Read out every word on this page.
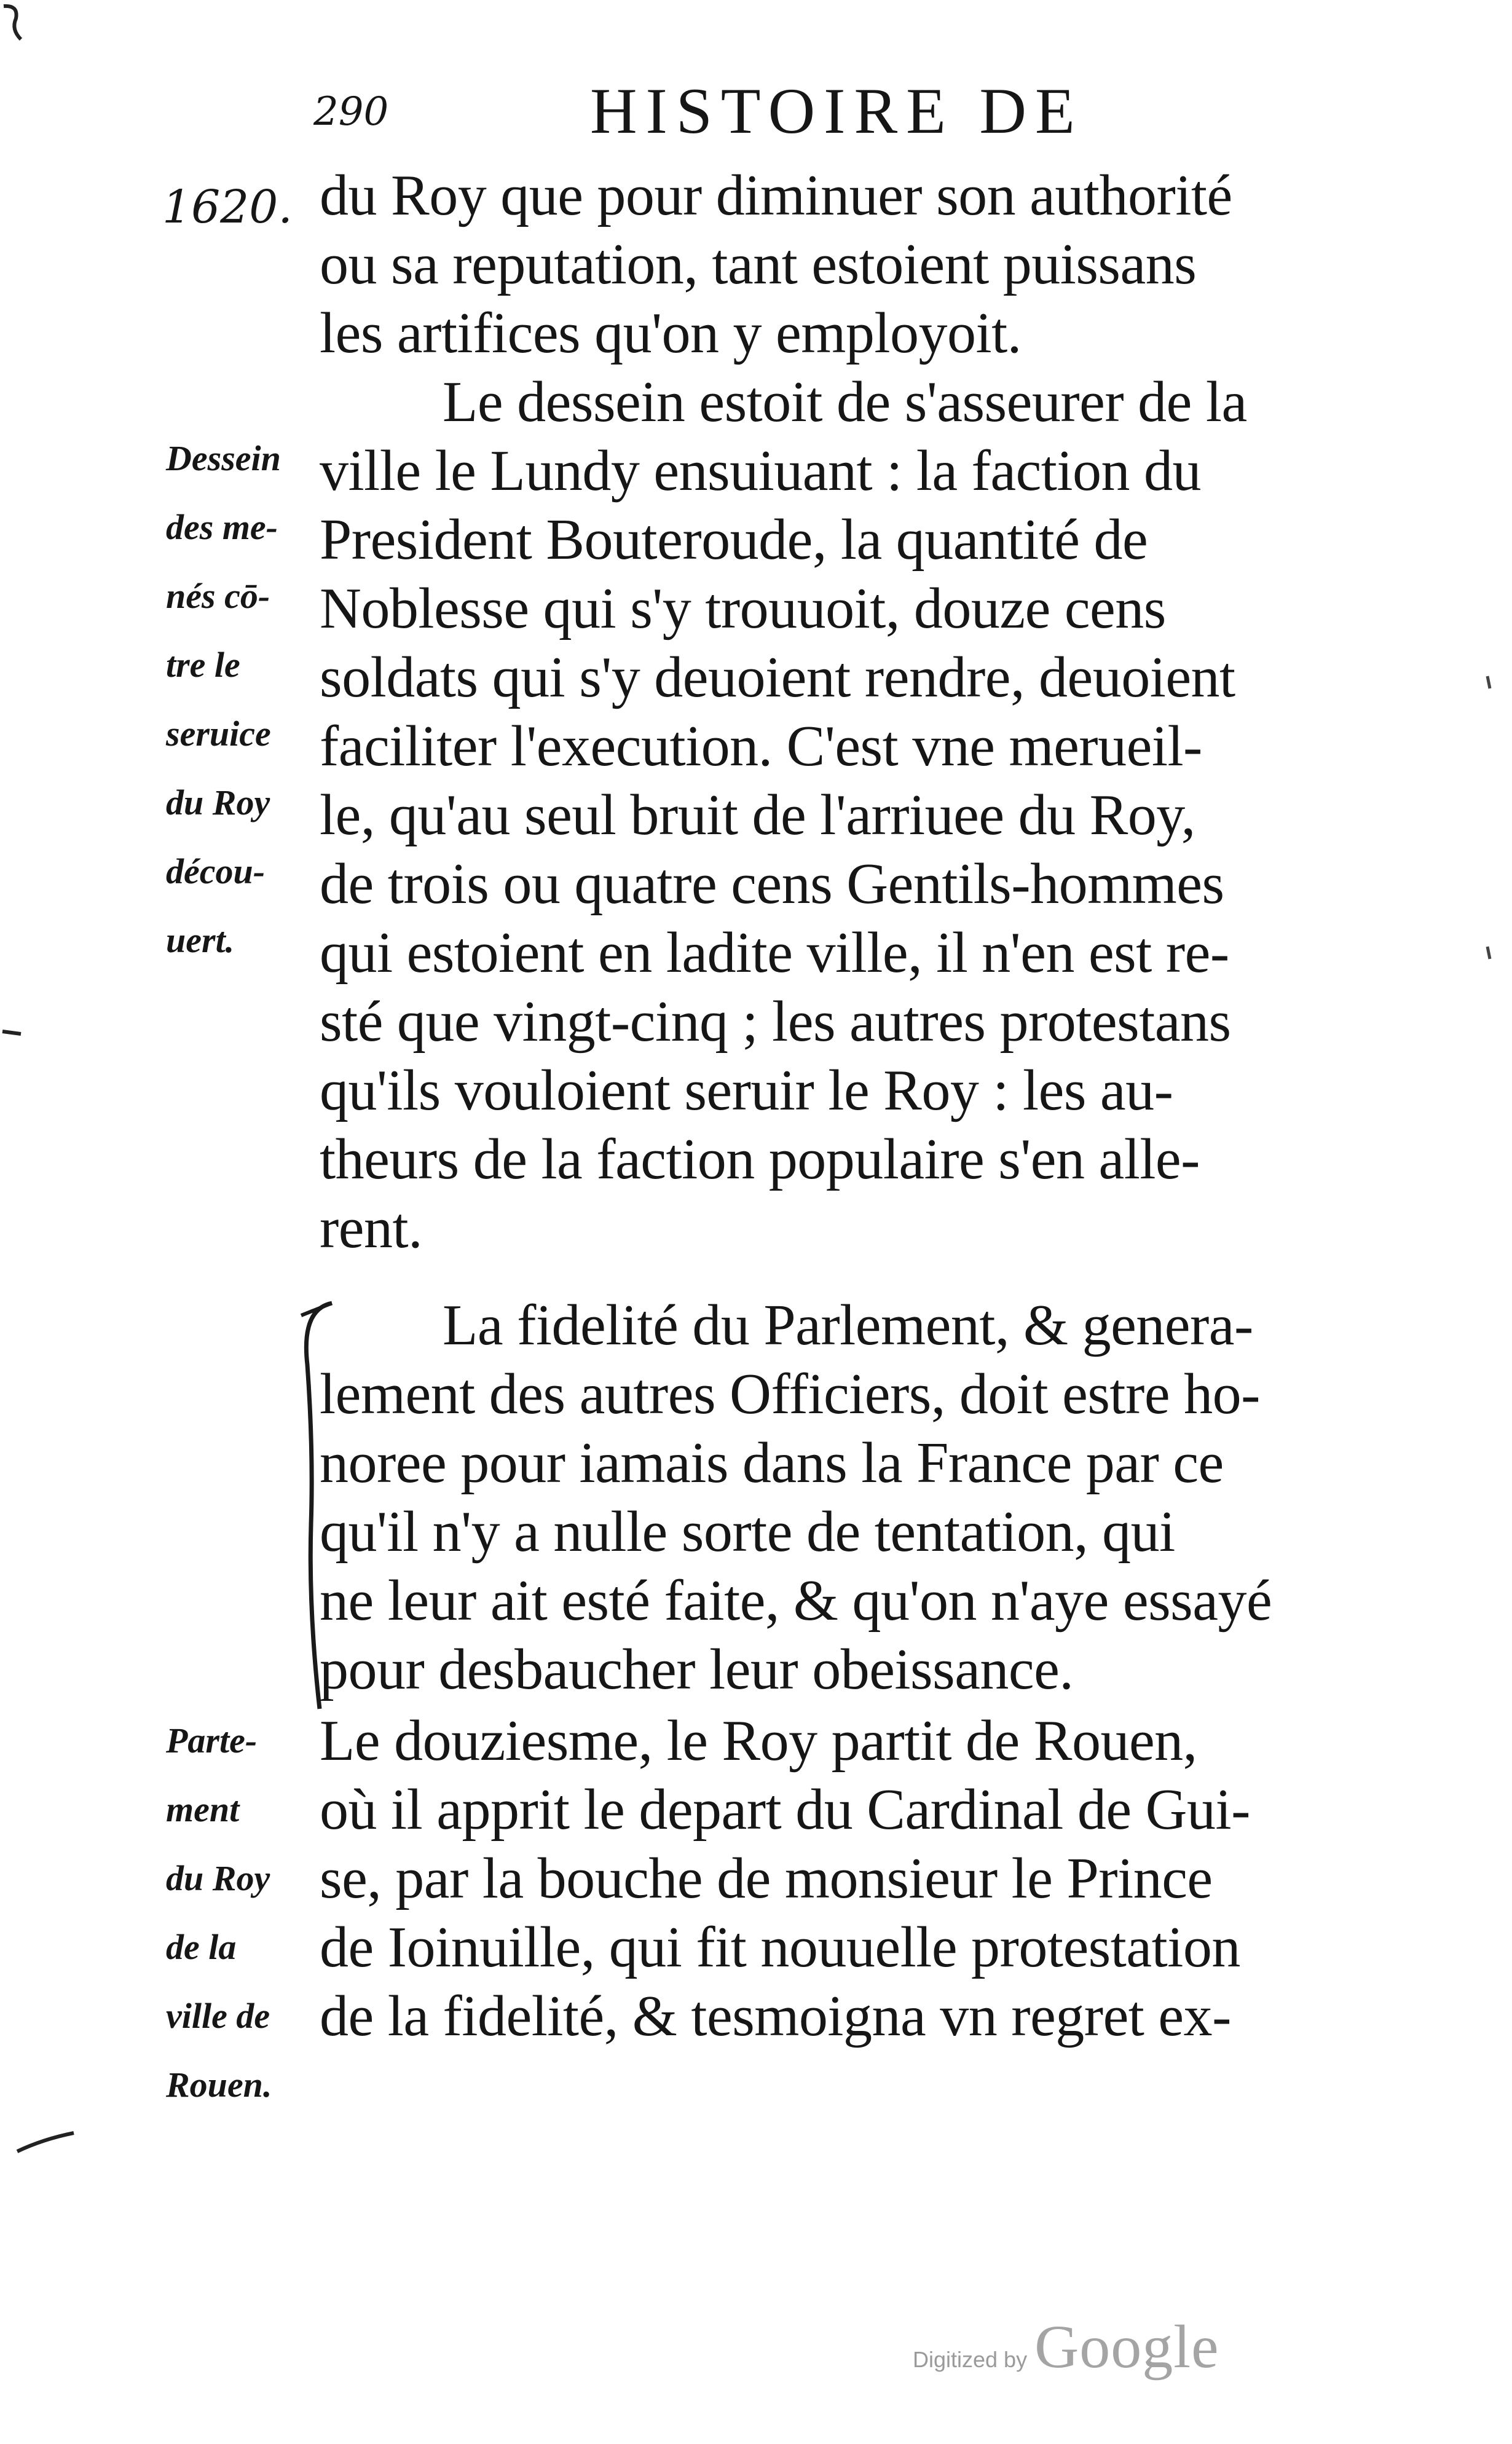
290	HISTOIRE DE
1620. du Roy que pour diminuer son authorité
ou sa reputation, tant estoient puissans
les artifices qu'on y employoit.
Le dessein estoit de s'asseurer de la
ville le Lundy ensuiuant : la faction du
President Bouteroude, la quantité de
Noblesse qui s'y trouuoit, douze cens
soldats qui s'y deuoient rendre, deuoient
faciliter l'execution. C'est vne merueil-
le, qu'au seul bruit de l'arriuee du Roy,
de trois ou quatre cens Gentils-hommes
qui estoient en ladite ville, il n'en est re-
sté que vingt-cinq ; les autres protestans
qu'ils vouloient seruir le Roy : les au-
theurs de la faction populaire s'en alle-
rent.
Dessein
des me-
nés cō-
tre le
seruice
du Roy
décou-
uert.
La fidelité du Parlement, & genera-
lement des autres Officiers, doit estre ho-
noree pour iamais dans la France par ce
qu'il n'y a nulle sorte de tentation, qui
ne leur ait esté faite, & qu'on n'aye essayé
pour desbaucher leur obeissance.
Le douziesme, le Roy partit de Rouen,
où il apprit le depart du Cardinal de Gui-
se, par la bouche de monsieur le Prince
de Ioinuille, qui fit nouuelle protestation
de la fidelité, & tesmoigna vn regret ex-
Parte-
ment
du Roy
de la
ville de
Rouen.
Digitized by Google
